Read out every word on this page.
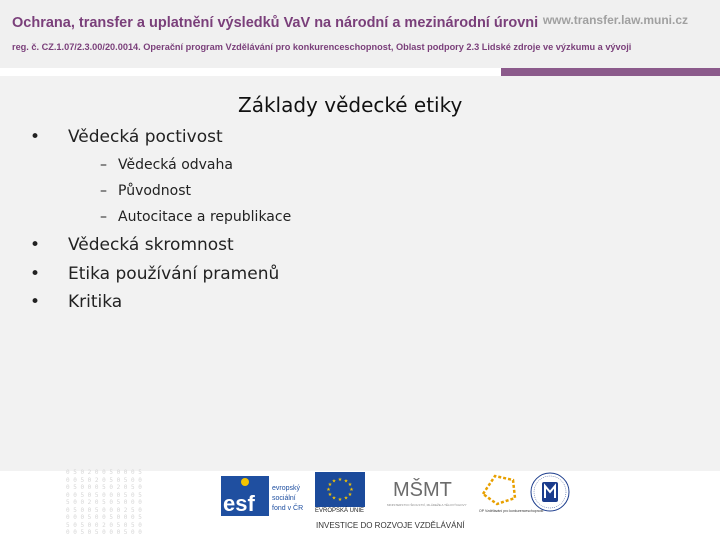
Ochrana, transfer a uplatnění výsledků VaV na národní a mezinárodní úrovni www.transfer.law.muni.cz
reg. č. CZ.1.07/2.3.00/20.0014. Operační program Vzdělávání pro konkurenceschopnost, Oblast podpory 2.3 Lidské zdroje ve výzkumu a vývoji
Základy vědecké etiky
• Vědecká poctivost
– Vědecká odvaha
– Původnost
– Autocitace a republikace
• Vědecká skromnost
• Etika používání pramenů
• Kritika
0 5 0 2 0 0 5 0 0 0 5
0 0 5 0 2 0 5 0 5 0 0
0 5 0 0 0 5 0 2 0 5 0
0 0 5 0 5 0 0 0 5 0 5
5 0 0 2 0 5 0 5 0 0 0
0 5 0 0 5 0 0 0 2 5 0
0 0 0 5 0 0 5 0 0 0 5
5 0 5 0 0 2 0 5 0 5 0
0 0 5 0 5 0 0 0 5 0 0
esf
evropský
sociální
fond v ČR
★ ★
★
★
★
★
★
★
★
★
★
★
EVROPSKÁ UNIE
MŠMT
MINISTERSTVO ŠKOLSTVÍ, MLÁDEŽE A TĚLOVÝCHOVY
OP Vzdělávání pro konkurenceschopnost
INVESTICE DO ROZVOJE VZDĚLÁVÁNÍ
